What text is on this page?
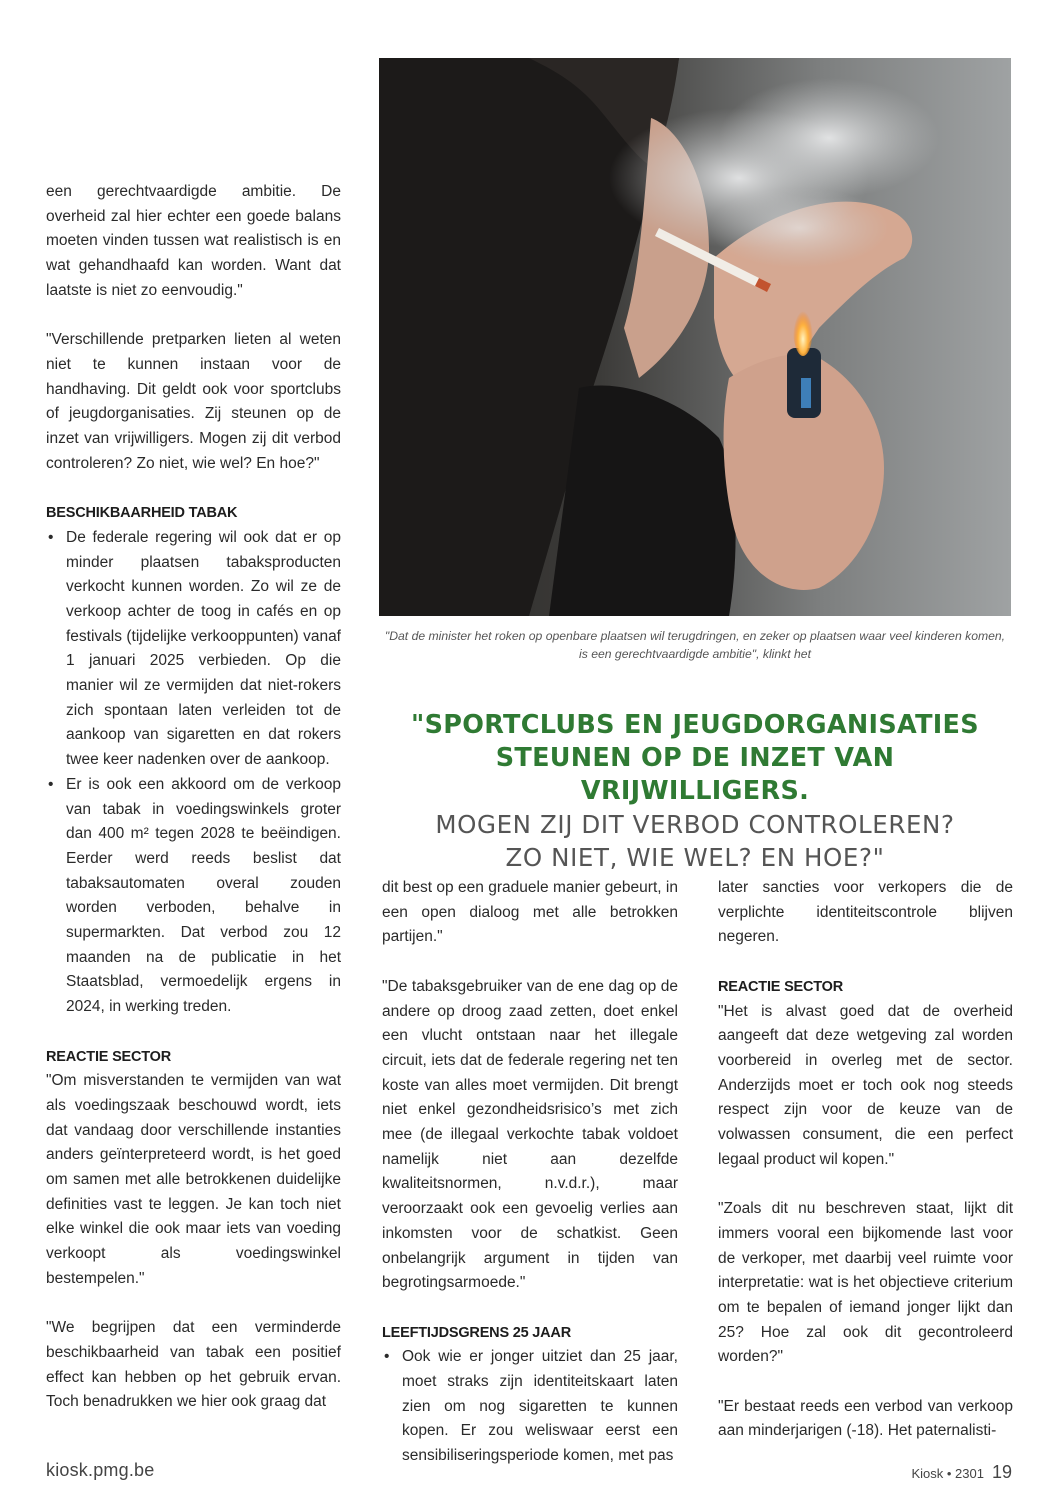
een gerechtvaardigde ambitie. De overheid zal hier echter een goede balans moeten vinden tussen wat realistisch is en wat gehandhaafd kan worden. Want dat laatste is niet zo eenvoudig."

"Verschillende pretparken lieten al weten niet te kunnen instaan voor de handhaving. Dit geldt ook voor sportclubs of jeugdorganisaties. Zij steunen op de inzet van vrijwilligers. Mogen zij dit verbod controleren? Zo niet, wie wel? En hoe?"

BESCHIKBAARHEID TABAK
• De federale regering wil ook dat er op minder plaatsen tabaksproducten verkocht kunnen worden. Zo wil ze de verkoop achter de toog in cafés en op festivals (tijdelijke verkooppunten) vanaf 1 januari 2025 verbieden. Op die manier wil ze vermijden dat niet-rokers zich spontaan laten verleiden tot de aankoop van sigaretten en dat rokers twee keer nadenken over de aankoop.
• Er is ook een akkoord om de verkoop van tabak in voedingswinkels groter dan 400 m² tegen 2028 te beëindigen. Eerder werd reeds beslist dat tabaksautomaten overal zouden worden verboden, behalve in supermarkten. Dat verbod zou 12 maanden na de publicatie in het Staatsblad, vermoedelijk ergens in 2024, in werking treden.
REACTIE SECTOR

"Om misverstanden te vermijden van wat als voedingszaak beschouwd wordt, iets dat vandaag door verschillende instanties anders geïnterpreteerd wordt, is het goed om samen met alle betrokkenen duidelijke definities vast te leggen. Je kan toch niet elke winkel die ook maar iets van voeding verkoopt als voedingswinkel bestempelen."

"We begrijpen dat een verminderde beschikbaarheid van tabak een positief effect kan hebben op het gebruik ervan. Toch benadrukken we hier ook graag dat

"Dat de minister het roken op openbare plaatsen wil terugdringen, en zeker op plaatsen waar veel kinderen komen, is een gerechtvaardigde ambitie", klinkt het
"SPORTCLUBS EN JEUGDORGANISATIES
STEUNEN OP DE INZET VAN VRIJWILLIGERS.
MOGEN ZIJ DIT VERBOD CONTROLEREN?
ZO NIET, WIE WEL? EN HOE?"

dit best op een graduele manier gebeurt, in een open dialoog met alle betrokken partijen."

"De tabaksgebruiker van de ene dag op de andere op droog zaad zetten, doet enkel een vlucht ontstaan naar het illegale circuit, iets dat de federale regering net ten koste van alles moet vermijden. Dit brengt niet enkel gezondheidsrisico’s met zich mee (de illegaal verkochte tabak voldoet namelijk niet aan dezelfde kwaliteitsnormen, n.v.d.r.), maar veroorzaakt ook een gevoelig verlies aan inkomsten voor de schatkist. Geen onbelangrijk argument in tijden van begrotingsarmoede."

LEEFTIJDSGRENS 25 JAAR
• Ook wie er jonger uitziet dan 25 jaar, moet straks zijn identiteitskaart laten zien om nog sigaretten te kunnen kopen. Er zou weliswaar eerst een sensibiliseringsperiode komen, met pas

later sancties voor verkopers die de verplichte identiteitscontrole blijven negeren.

REACTIE SECTOR

"Het is alvast goed dat de overheid aangeeft dat deze wetgeving zal worden voorbereid in overleg met de sector. Anderzijds moet er toch ook nog steeds respect zijn voor de keuze van de volwassen consument, die een perfect legaal product wil kopen."

"Zoals dit nu beschreven staat, lijkt dit immers vooral een bijkomende last voor de verkoper, met daarbij veel ruimte voor interpretatie: wat is het objectieve criterium om te bepalen of iemand jonger lijkt dan 25? Hoe zal ook dit gecontroleerd worden?"

"Er bestaat reeds een verbod van verkoop aan minderjarigen (-18). Het paternalisti-

kiosk.pmg.be	Kiosk • 2301 19
